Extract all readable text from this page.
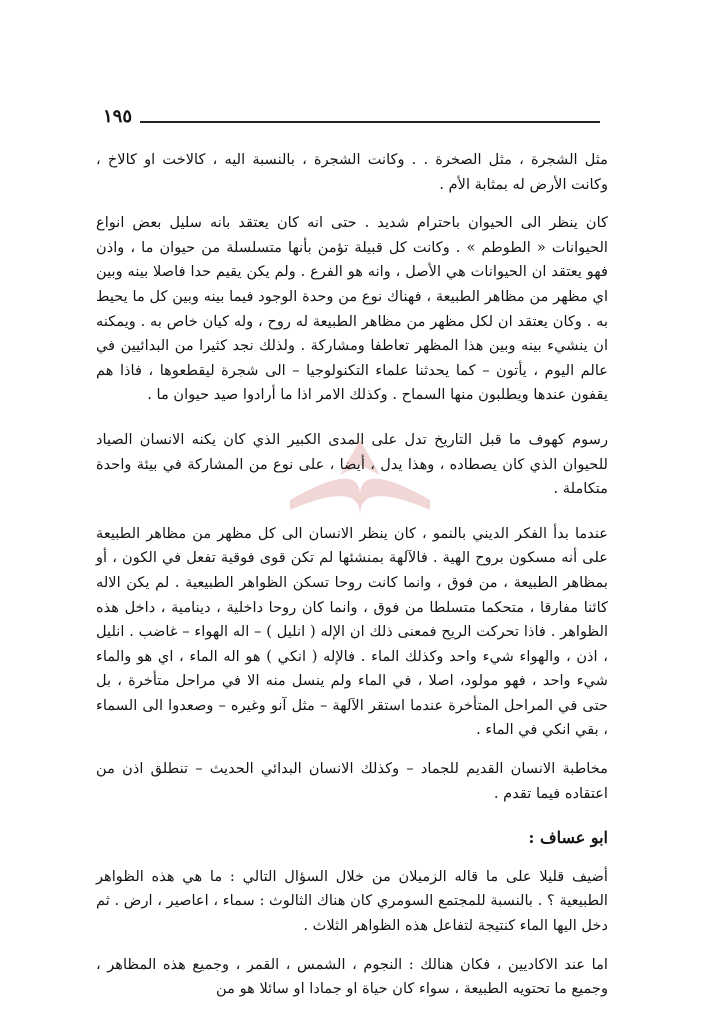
١٩٥

مثل الشجرة ، مثل الصخرة . . وكانت الشجرة ، بالنسبة اليه ، كالاخت او كالاخ ، وكانت الأرض له بمثابة الأم .

كان ينظر الى الحيوان باحترام شديد . حتى انه كان يعتقد بانه سليل بعض انواع الحيوانات « الطوطم » . وكانت كل قبيلة تؤمن بأنها متسلسلة من حيوان ما ، واذن فهو يعتقد ان الحيوانات هي الأصل ، وانه هو الفرع . ولم يكن يقيم حدا فاصلا بينه وبين اي مظهر من مظاهر الطبيعة ، فهناك نوع من وحدة الوجود فيما بينه وبين كل ما يحيط به . وكان يعتقد ان لكل مظهر من مظاهر الطبيعة له روح ، وله كيان خاص به . ويمكنه ان ينشيء بينه وبين هذا المظهر تعاطفا ومشاركة . ولذلك نجد كثيرا من البدائيين في عالم اليوم ، يأتون – كما يحدثنا علماء التكنولوجيا – الى شجرة ليقطعوها ، فاذا هم يقفون عندها ويطلبون منها السماح . وكذلك الامر اذا ما أرادوا صيد حيوان ما .

رسوم كهوف ما قبل التاريخ تدل على المدى الكبير الذي كان يكنه الانسان الصياد للحيوان الذي كان يصطاده ، وهذا يدل ، أيضا ، على نوع من المشاركة في بيئة واحدة متكاملة .

عندما بدأ الفكر الديني بالنمو ، كان ينظر الانسان الى كل مظهر من مظاهر الطبيعة على أنه مسكون بروح الهية . فالآلهة بمنشئها لم تكن قوى فوقية تفعل في الكون ، أو بمظاهر الطبيعة ، من فوق ، وانما كانت روحا تسكن الظواهر الطبيعية . لم يكن الاله كائنا مفارقا ، متحكما متسلطا من فوق ، وانما كان روحا داخلية ، دينامية ، داخل هذه الظواهر . فاذا تحركت الريح فمعنى ذلك ان الإله ( انليل ) – اله الهواء – غاضب . انليل ، اذن ، والهواء شيء واحد وكذلك الماء . فالإله ( انكي ) هو اله الماء ، اي هو والماء شيء واحد ، فهو مولود، اصلا ، في الماء ولم ينسل منه الا في مراحل متأخرة ، بل حتى في المراحل المتأخرة عندما استقر الآلهة – مثل آنو وغيره – وصعدوا الى السماء ، بقي انكي في الماء .

مخاطبة الانسان القديم للجماد – وكذلك الانسان البدائي الحديث – تنطلق اذن من اعتقاده فيما تقدم .

ابو عساف :

أضيف قليلا على ما قاله الزميلان من خلال السؤال التالي : ما هي هذه الظواهر الطبيعية ؟ . بالنسبة للمجتمع السومري كان هناك الثالوث : سماء ، اعاصير ، ارض . ثم دخل اليها الماء كنتيجة لتفاعل هذه الظواهر الثلاث .

اما عند الاكاديين ، فكان هنالك : النجوم ، الشمس ، القمر ، وجميع هذه المظاهر ، وجميع ما تحتويه الطبيعة ، سواء كان حياة او جمادا او سائلا هو من
